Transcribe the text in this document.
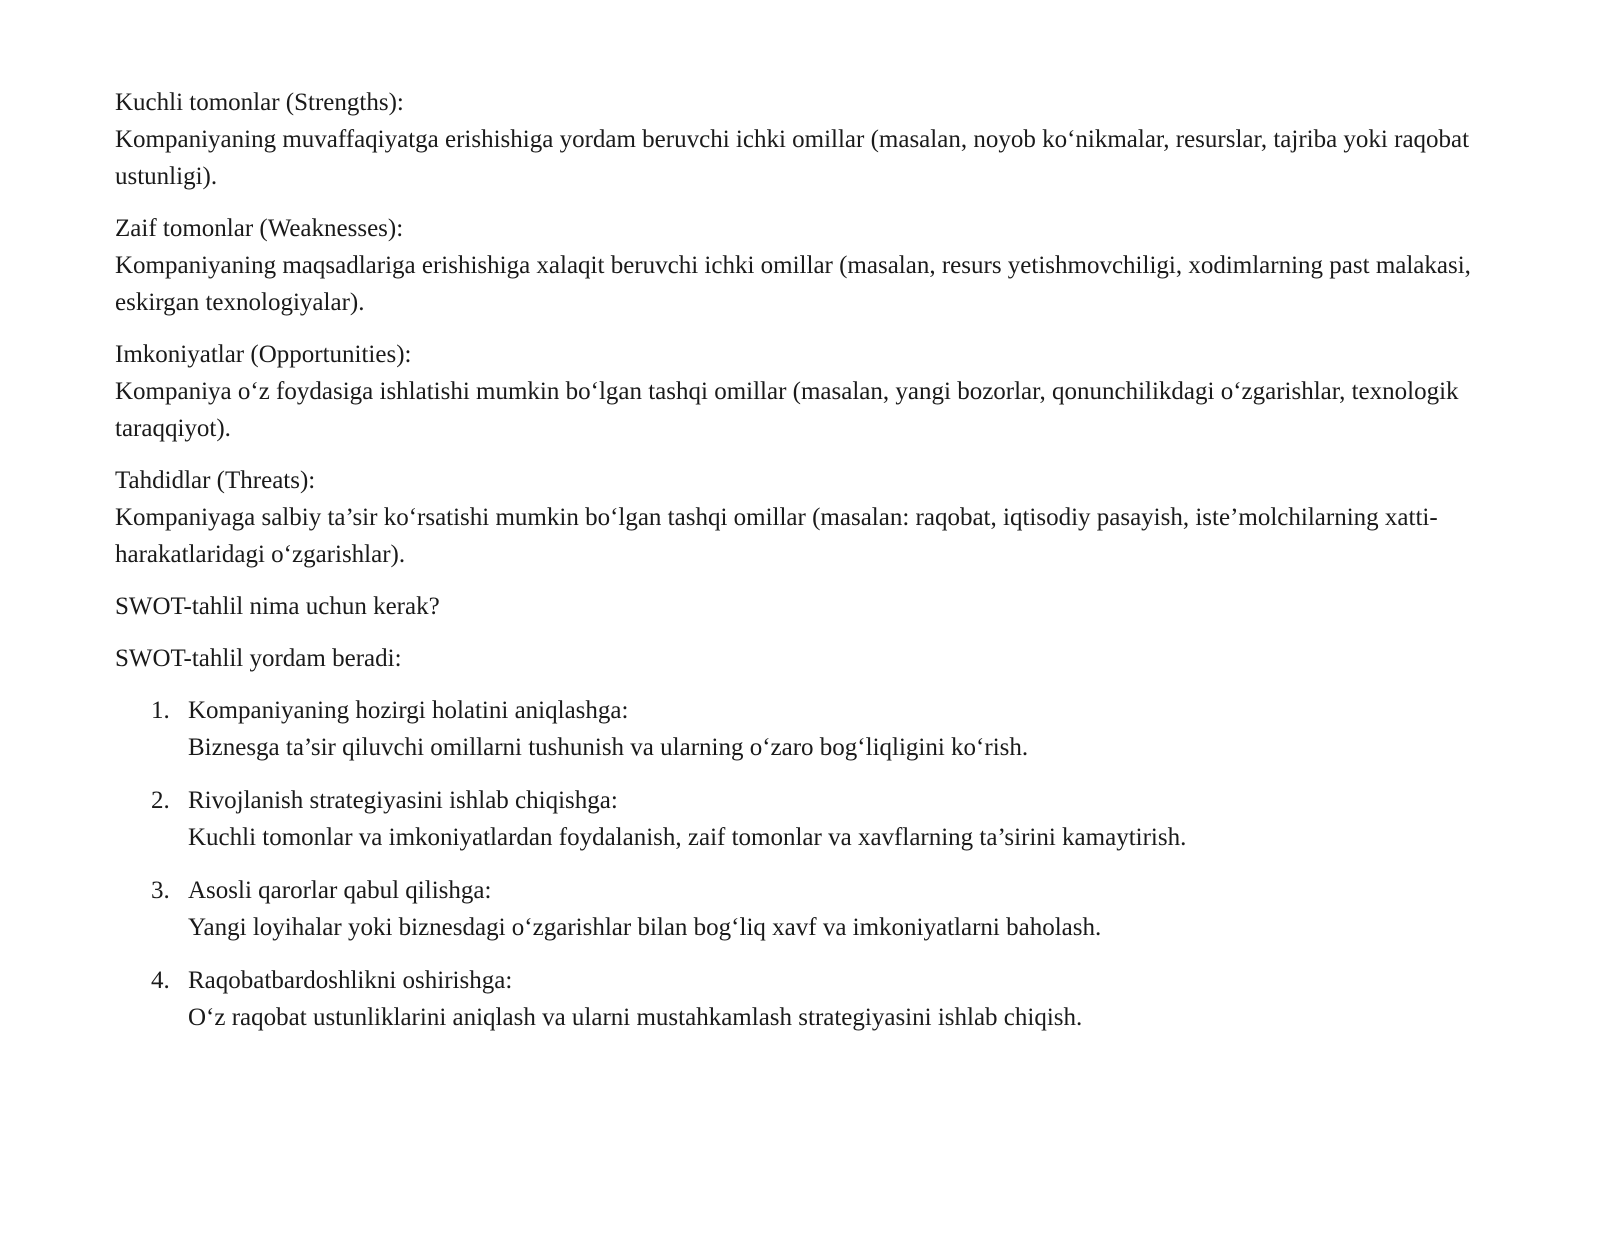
Kuchli tomonlar (Strengths):
Kompaniyaning muvaffaqiyatga erishishiga yordam beruvchi ichki omillar (masalan, noyob ko‘nikmalar, resurslar, tajriba yoki raqobat ustunligi).
Zaif tomonlar (Weaknesses):
Kompaniyaning maqsadlariga erishishiga xalaqit beruvchi ichki omillar (masalan, resurs yetishmovchiligi, xodimlarning past malakasi, eskirgan texnologiyalar).
Imkoniyatlar (Opportunities):
Kompaniya o‘z foydasiga ishlatishi mumkin bo‘lgan tashqi omillar (masalan, yangi bozorlar, qonunchilikdagi o‘zgarishlar, texnologik taraqqiyot).
Tahdidlar (Threats):
Kompaniyaga salbiy ta’sir ko‘rsatishi mumkin bo‘lgan tashqi omillar (masalan: raqobat, iqtisodiy pasayish, iste’molchilarning xatti-harakatlaridagi o‘zgarishlar).

SWOT-tahlil nima uchun kerak?

SWOT-tahlil yordam beradi:

1. Kompaniyaning hozirgi holatini aniqlashga:
Biznesga ta’sir qiluvchi omillarni tushunish va ularning o‘zaro bog‘liqligini ko‘rish.
2. Rivojlanish strategiyasini ishlab chiqishga:
Kuchli tomonlar va imkoniyatlardan foydalanish, zaif tomonlar va xavflarning ta’sirini kamaytirish.
3. Asosli qarorlar qabul qilishga:
Yangi loyihalar yoki biznesdagi o‘zgarishlar bilan bog‘liq xavf va imkoniyatlarni baholash.
4. Raqobatbardoshlikni oshirishga:
O‘z raqobat ustunliklarini aniqlash va ularni mustahkamlash strategiyasini ishlab chiqish.
